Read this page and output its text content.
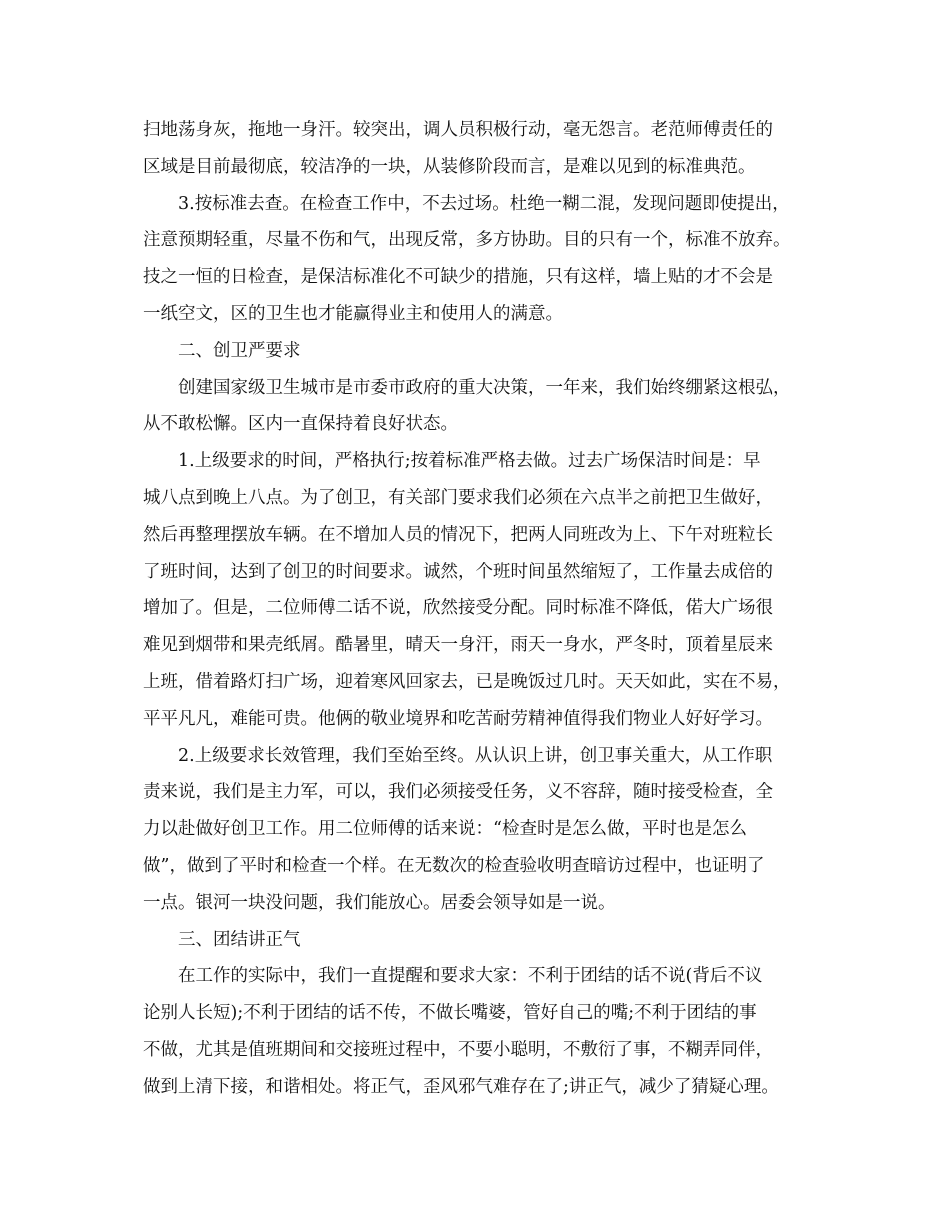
扫地荡身灰，拖地一身汗。较突出，调人员积极行动，毫无怨言。老范师傅责任的
区域是目前最彻底，较洁净的一块，从装修阶段而言，是难以见到的标准典范。
3.按标准去查。在检查工作中，不去过场。杜绝一糊二混，发现问题即使提出，
注意预期轻重，尽量不伤和气，出现反常，多方协助。目的只有一个，标准不放弃。
技之一恒的日检查，是保洁标准化不可缺少的措施，只有这样，墙上贴的才不会是
一纸空文，区的卫生也才能赢得业主和使用人的满意。
二、创卫严要求
创建国家级卫生城市是市委市政府的重大决策，一年来，我们始终绷紧这根弘，
从不敢松懈。区内一直保持着良好状态。
1.上级要求的时间，严格执行;按着标准严格去做。过去广场保洁时间是：早
城八点到晚上八点。为了创卫，有关部门要求我们必须在六点半之前把卫生做好，
然后再整理摆放车辆。在不增加人员的情况下，把两人同班改为上、下午对班粒长
了班时间，达到了创卫的时间要求。诚然，个班时间虽然缩短了，工作量去成倍的
增加了。但是，二位师傅二话不说，欣然接受分配。同时标准不降低，偌大广场很
难见到烟带和果壳纸屑。酷暑里，晴天一身汗，雨天一身水，严冬时，顶着星辰来
上班，借着路灯扫广场，迎着寒风回家去，已是晚饭过几时。天天如此，实在不易，
平平凡凡，难能可贵。他俩的敬业境界和吃苦耐劳精神值得我们物业人好好学习。
2.上级要求长效管理，我们至始至终。从认识上讲，创卫事关重大，从工作职
责来说，我们是主力军，可以，我们必须接受任务，义不容辞，随时接受检查，全
力以赴做好创卫工作。用二位师傅的话来说：“检查时是怎么做，平时也是怎么
做”，做到了平时和检查一个样。在无数次的检查验收明查暗访过程中，也证明了
一点。银河一块没问题，我们能放心。居委会领导如是一说。
三、团结讲正气
在工作的实际中，我们一直提醒和要求大家：不利于团结的话不说(背后不议
论别人长短);不利于团结的话不传，不做长嘴婆，管好自己的嘴;不利于团结的事
不做，尤其是值班期间和交接班过程中，不要小聪明，不敷衍了事，不糊弄同伴，
做到上清下接，和谐相处。将正气，歪风邪气难存在了;讲正气，减少了猜疑心理。
